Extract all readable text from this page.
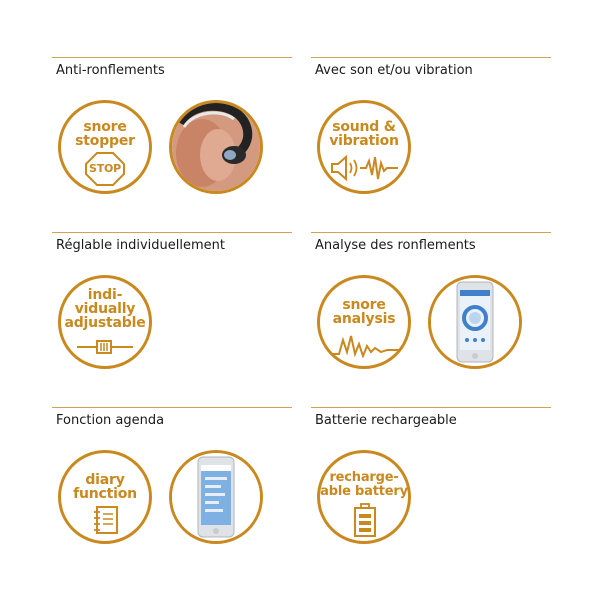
Anti-ronflements
snore
stopper
STOP
Avec son et/ou vibration
sound &
vibration
Réglable individuellement
indi-
vidually
adjustable
Analyse des ronflements
snore
analysis
Fonction agenda
diary
function
Batterie rechargeable
recharge-
able battery
